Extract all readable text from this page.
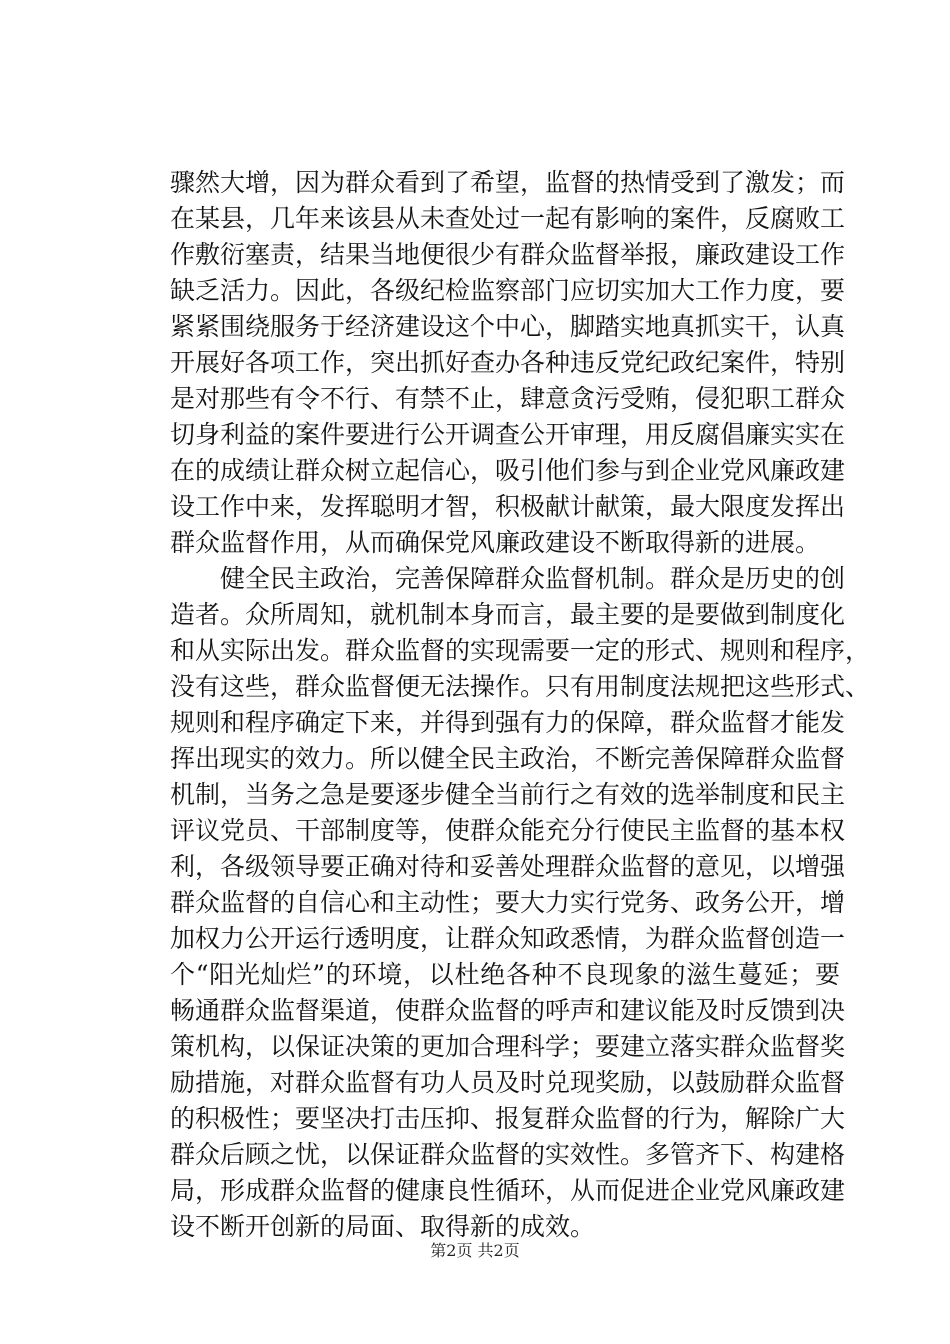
骤然大增，因为群众看到了希望，监督的热情受到了激发；而
在某县，几年来该县从未查处过一起有影响的案件，反腐败工
作敷衍塞责，结果当地便很少有群众监督举报，廉政建设工作
缺乏活力。因此，各级纪检监察部门应切实加大工作力度，要
紧紧围绕服务于经济建设这个中心，脚踏实地真抓实干，认真
开展好各项工作，突出抓好查办各种违反党纪政纪案件，特别
是对那些有令不行、有禁不止，肆意贪污受贿，侵犯职工群众
切身利益的案件要进行公开调查公开审理，用反腐倡廉实实在
在的成绩让群众树立起信心，吸引他们参与到企业党风廉政建
设工作中来，发挥聪明才智，积极献计献策，最大限度发挥出
群众监督作用，从而确保党风廉政建设不断取得新的进展。
　　健全民主政治，完善保障群众监督机制。群众是历史的创
造者。众所周知，就机制本身而言，最主要的是要做到制度化
和从实际出发。群众监督的实现需要一定的形式、规则和程序，
没有这些，群众监督便无法操作。只有用制度法规把这些形式、
规则和程序确定下来，并得到强有力的保障，群众监督才能发
挥出现实的效力。所以健全民主政治，不断完善保障群众监督
机制，当务之急是要逐步健全当前行之有效的选举制度和民主
评议党员、干部制度等，使群众能充分行使民主监督的基本权
利，各级领导要正确对待和妥善处理群众监督的意见，以增强
群众监督的自信心和主动性；要大力实行党务、政务公开，增
加权力公开运行透明度，让群众知政悉情，为群众监督创造一
个“阳光灿烂”的环境，以杜绝各种不良现象的滋生蔓延；要
畅通群众监督渠道，使群众监督的呼声和建议能及时反馈到决
策机构，以保证决策的更加合理科学；要建立落实群众监督奖
励措施，对群众监督有功人员及时兑现奖励，以鼓励群众监督
的积极性；要坚决打击压抑、报复群众监督的行为，解除广大
群众后顾之忧，以保证群众监督的实效性。多管齐下、构建格
局，形成群众监督的健康良性循环，从而促进企业党风廉政建
设不断开创新的局面、取得新的成效。
第2页 共2页
